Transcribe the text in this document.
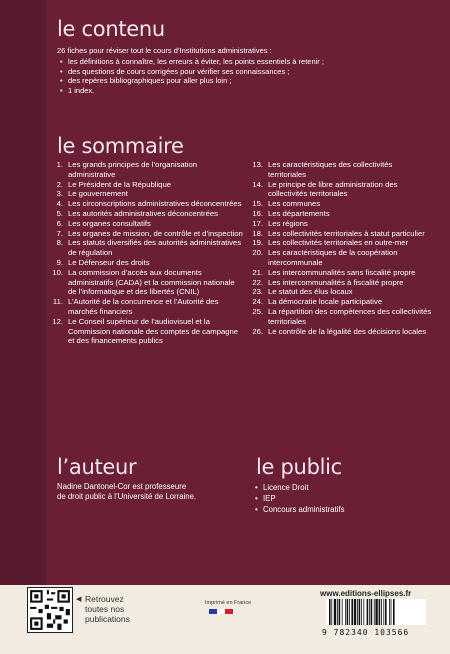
le contenu
26 fiches pour réviser tout le cours d’Institutions administratives :
• les définitions à connaître, les erreurs à éviter, les points essentiels à retenir ;
• des questions de cours corrigées pour vérifier ses connaissances ;
• des repères bibliographiques pour aller plus loin ;
• 1 index.
le sommaire
1. Les grands principes de l’organisation administrative
2. Le Président de la République
3. Le gouvernement
4. Les circonscriptions administratives déconcentrées
5. Les autorités administratives déconcentrées
6. Les organes consultatifs
7. Les organes de mission, de contrôle et d’inspection
8. Les statuts diversifiés des autorités administratives de régulation
9. Le Défenseur des droits
10. La commission d’accès aux documents administratifs (CADA) et la commission nationale de l’informatique et des libertés (CNIL)
11. L’Autorité de la concurrence et l’Autorité des marchés financiers
12. Le Conseil supérieur de l’audiovisuel et la Commission nationale des comptes de campagne et des financements publics
13. Les caractéristiques des collectivités territoriales
14. Le principe de libre administration des collectivités territoriales
15. Les communes
16. Les départements
17. Les régions
18. Les collectivités territoriales à statut particulier
19. Les collectivités territoriales en outre-mer
20. Les caractéristiques de la coopération intercommunale
21. Les intercommunalités sans fiscalité propre
22. Les intercommunalités à fiscalité propre
23. Le statut des élus locaux
24. La démocratie locale participative
25. La répartition des compétences des collectivités territoriales
26. Le contrôle de la légalité des décisions locales
l’auteur
Nadine Dantonel-Cor est professeure
de droit public à l’Université de Lorraine.
le public
• Licence Droit
• IEP
• Concours administratifs
◀ Retrouvez
toutes nos
publications
Imprimé en France
www.editions-ellipses.fr
9 782340 103566
